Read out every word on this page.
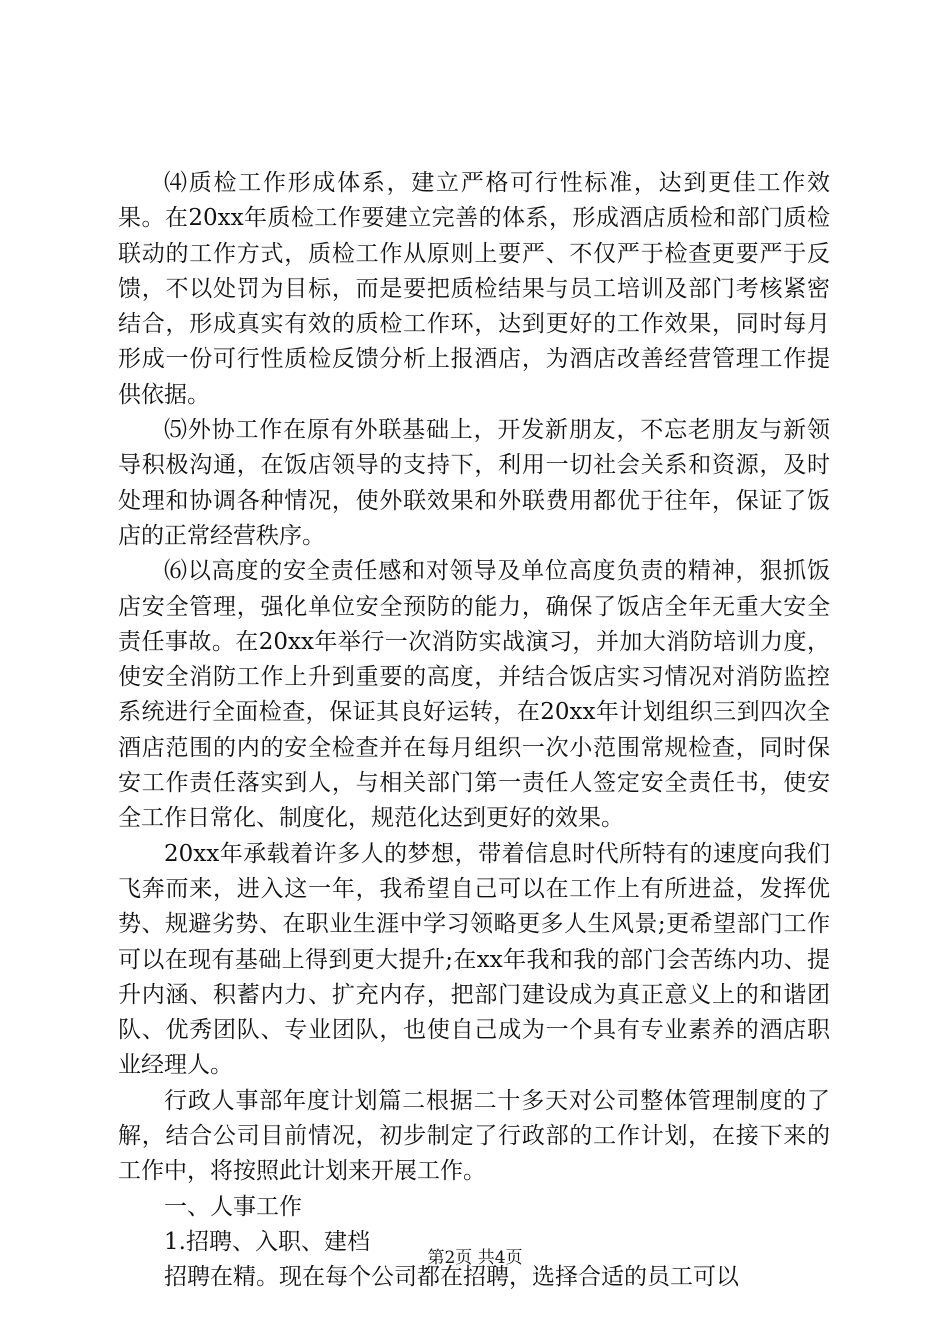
⑷质检工作形成体系，建立严格可行性标准，达到更佳工作效果。在20xx年质检工作要建立完善的体系，形成酒店质检和部门质检联动的工作方式，质检工作从原则上要严、不仅严于检查更要严于反馈，不以处罚为目标，而是要把质检结果与员工培训及部门考核紧密结合，形成真实有效的质检工作环，达到更好的工作效果，同时每月形成一份可行性质检反馈分析上报酒店，为酒店改善经营管理工作提供依据。

⑸外协工作在原有外联基础上，开发新朋友，不忘老朋友与新领导积极沟通，在饭店领导的支持下，利用一切社会关系和资源，及时处理和协调各种情况，使外联效果和外联费用都优于往年，保证了饭店的正常经营秩序。

⑹以高度的安全责任感和对领导及单位高度负责的精神，狠抓饭店安全管理，强化单位安全预防的能力，确保了饭店全年无重大安全责任事故。在20xx年举行一次消防实战演习，并加大消防培训力度，使安全消防工作上升到重要的高度，并结合饭店实习情况对消防监控系统进行全面检查，保证其良好运转，在20xx年计划组织三到四次全酒店范围的内的安全检查并在每月组织一次小范围常规检查，同时保安工作责任落实到人，与相关部门第一责任人签定安全责任书，使安全工作日常化、制度化，规范化达到更好的效果。

20xx年承载着许多人的梦想，带着信息时代所特有的速度向我们飞奔而来，进入这一年，我希望自己可以在工作上有所进益，发挥优势、规避劣势、在职业生涯中学习领略更多人生风景;更希望部门工作可以在现有基础上得到更大提升;在xx年我和我的部门会苦练内功、提升内涵、积蓄内力、扩充内存，把部门建设成为真正意义上的和谐团队、优秀团队、专业团队，也使自己成为一个具有专业素养的酒店职业经理人。

行政人事部年度计划篇二根据二十多天对公司整体管理制度的了解，结合公司目前情况，初步制定了行政部的工作计划，在接下来的工作中，将按照此计划来开展工作。

一、人事工作

1.招聘、入职、建档

招聘在精。现在每个公司都在招聘，选择合适的员工可以

第2页 共4页
